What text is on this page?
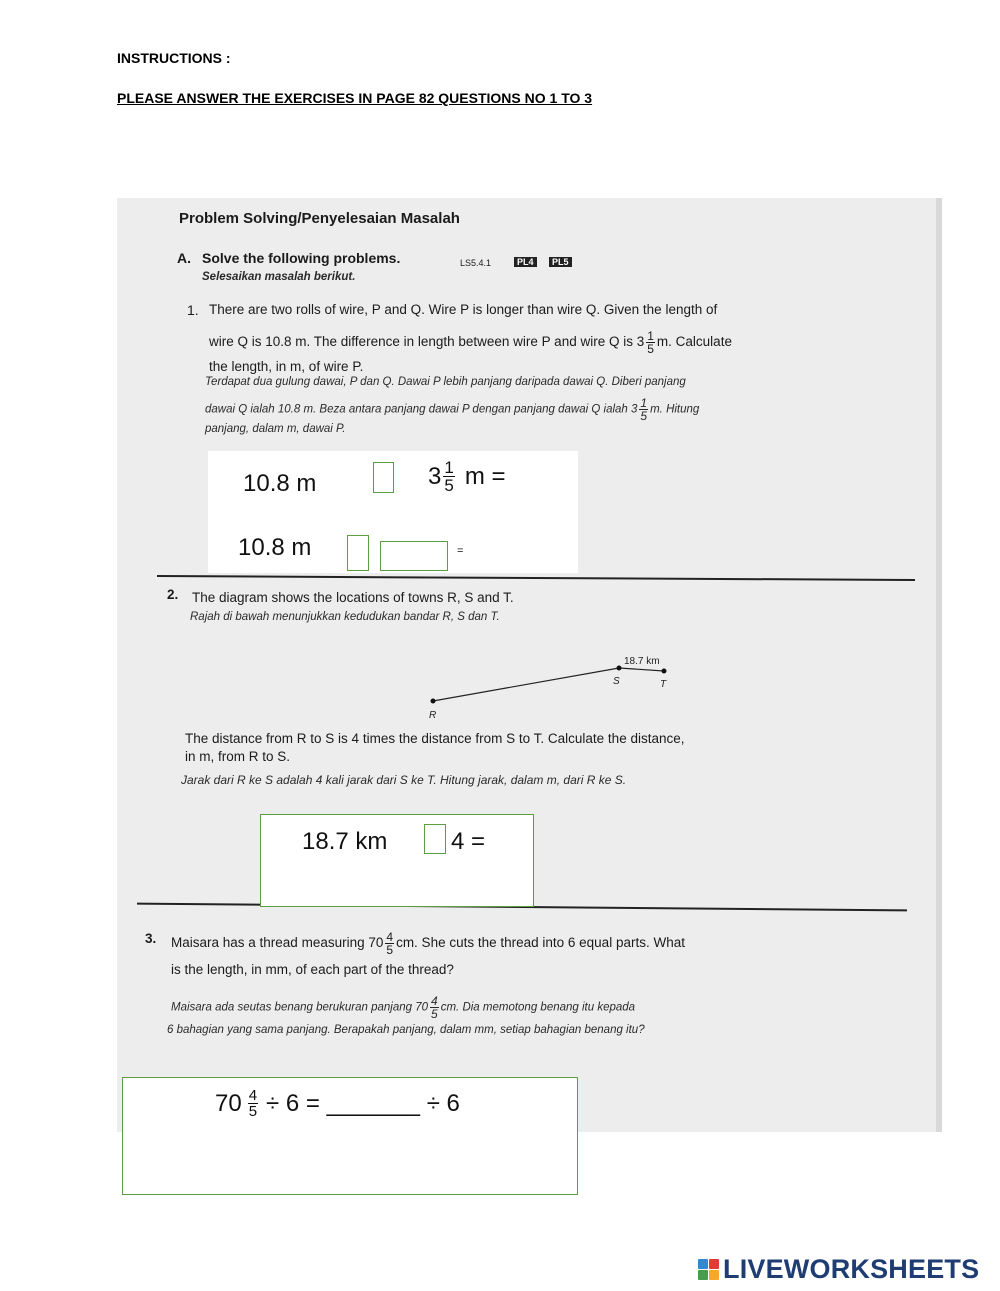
INSTRUCTIONS :
PLEASE ANSWER THE EXERCISES IN PAGE 82 QUESTIONS NO 1 TO 3
Problem Solving/Penyelesaian Masalah
A. Solve the following problems.	LS5.4.1	PL4	PL5
Selesaikan masalah berikut.
1. There are two rolls of wire, P and Q. Wire P is longer than wire Q. Given the length of
wire Q is 10.8 m. The difference in length between wire P and wire Q is $3 \frac{1}{5} m$. Calculate
the length, in m, of wire P.
Terdapat dua gulung dawai, P dan Q. Dawai P lebih panjang daripada dawai Q. Diberi panjang
dawai Q ialah 10.8 m. Beza antara panjang dawai P dengan panjang dawai Q ialah $3 \frac{1}{5} m$. Hitung
panjang, dalam m, dawai P.
2. The diagram shows the locations of towns R, S and T.
Rajah di bawah menunjukkan kedudukan bandar R, S dan T.
R
S	T
18.7 km
The distance from R to S is 4 times the distance from S to T. Calculate the distance,
in m, from R to S.
Jarak dari R ke S adalah 4 kali jarak dari S ke T. Hitung jarak, dalam m, dari R ke S.
3. Maisara has a thread measuring $70 \frac{4}{5}$ cm. She cuts the thread into 6 equal parts. What
is the length, in mm, of each part of the thread?
Maisara ada seutas benang berukuran panjang $70 \frac{4}{5}$ cm. Dia memotong benang itu kepada
6 bahagian yang sama panjang. Berapakah panjang, dalam mm, setiap bahagian benang itu?
10.8 m	$3 \frac{1}{5}$ m =
10.8 m	=
18.7 km	4 =
$70 \frac{4}{5} \div 6$ = _______ ÷ 6
LIVEWORKSHEETS
